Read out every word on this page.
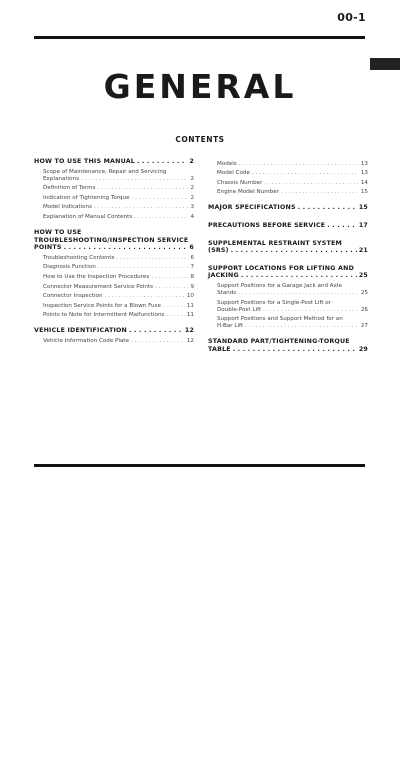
00-1
GENERAL
CONTENTS
HOW TO USE THIS MANUAL . . .	2
Scope of Maintenance, Repair and Servicing
Explanations . . .	2
Definition of Terms . . .	2
Indication of Tightening Torque . . .	2
Model Indications . . .	3
Explanation of Manual Contents . . .	4
HOW TO USE
TROUBLESHOOTING/INSPECTION SERVICE
POINTS . . .	6
Troubleshooting Contents . . .	6
Diagnosis Function . . .	7
How to Use the Inspection Procedures . . .	8
Connector Measurement Service Points . . .	9
Connector Inspection . . .	10
Inspection Service Points for a Blown Fuse . . .	11
Points to Note for Intermittent Malfunctions . . .	11
VEHICLE IDENTIFICATION . . .	12
Vehicle Information Code Plate . . .	12
Models . . .	13
Model Code . . .	13
Chassis Number . . .	14
Engine Model Number . . .	15
MAJOR SPECIFICATIONS . . .	15
PRECAUTIONS BEFORE SERVICE . . .	17
SUPPLEMENTAL RESTRAINT SYSTEM
(SRS) . . .	21
SUPPORT LOCATIONS FOR LIFTING AND
JACKING . . .	25
Support Positions for a Garage Jack and Axle
Stands . . .	25
Support Positions for a Single-Post Lift or
Double-Post Lift . . .	26
Support Positions and Support Method for an
H-Bar Lift . . .	27
STANDARD PART/TIGHTENING-TORQUE
TABLE . . .	29
